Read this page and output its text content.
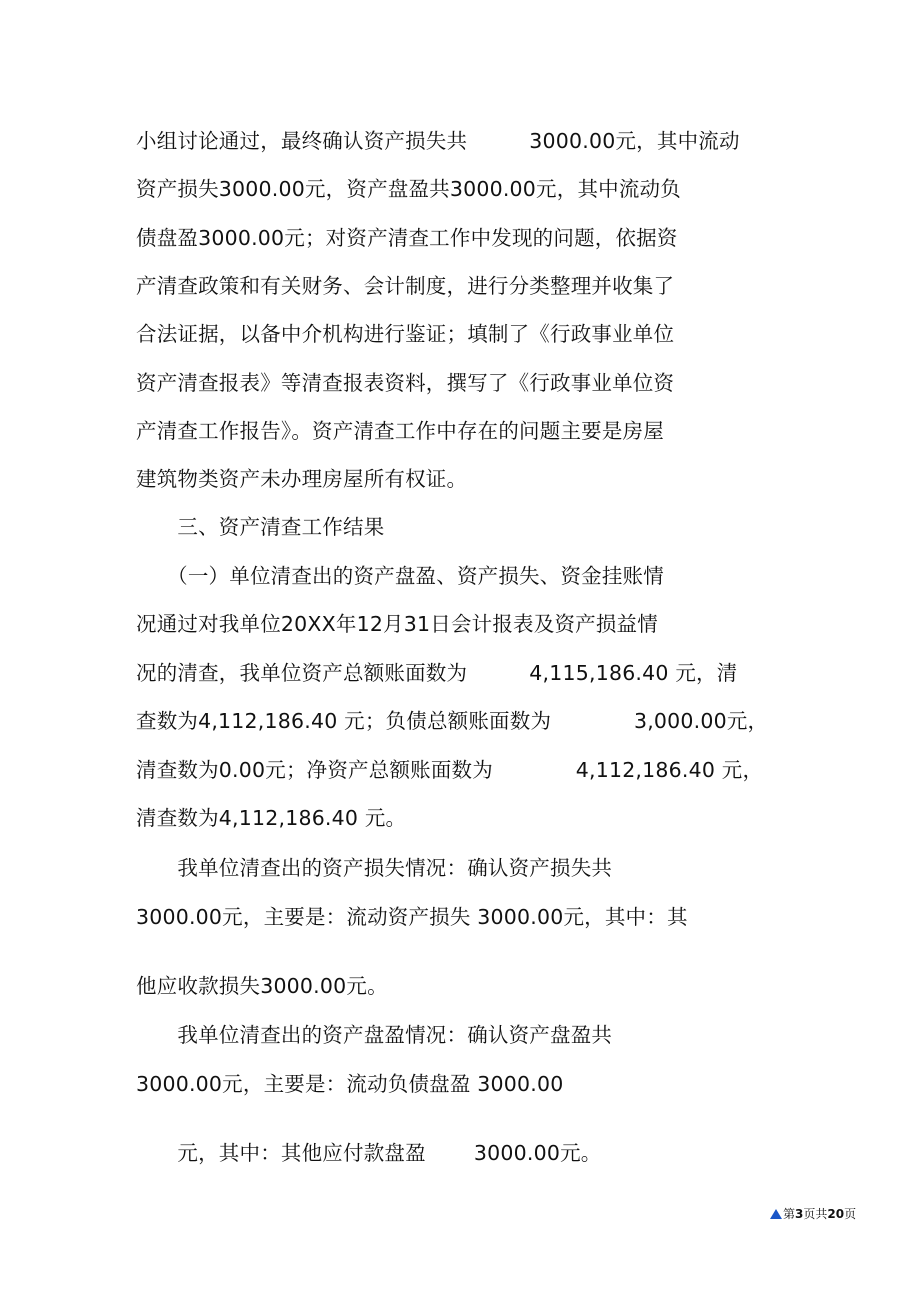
小组讨论通过，最终确认资产损失共　　　3000.00元，其中流动
资产损失3000.00元，资产盘盈共3000.00元，其中流动负
债盘盈3000.00元；对资产清查工作中发现的问题，依据资
产清查政策和有关财务、会计制度，进行分类整理并收集了
合法证据，以备中介机构进行鉴证；填制了《行政事业单位
资产清查报表》等清查报表资料，撰写了《行政事业单位资
产清查工作报告》。资产清查工作中存在的问题主要是房屋
建筑物类资产未办理房屋所有权证。
　　三、资产清查工作结果
　　（一）单位清查出的资产盘盈、资产损失、资金挂账情
况通过对我单位20XX年12月31日会计报表及资产损益情
况的清查，我单位资产总额账面数为　　　4,115,186.40 元，清
查数为4,112,186.40 元；负债总额账面数为　　　　3,000.00元，
清查数为0.00元；净资产总额账面数为　　　　4,112,186.40 元，
清查数为4,112,186.40 元。
　　我单位清查出的资产损失情况：确认资产损失共
3000.00元，主要是：流动资产损失 3000.00元，其中：其
他应收款损失3000.00元。
　　我单位清查出的资产盘盈情况：确认资产盘盈共
3000.00元，主要是：流动负债盘盈 3000.00
　　元，其中：其他应付款盘盈　　 3000.00元。
第3页共20页
